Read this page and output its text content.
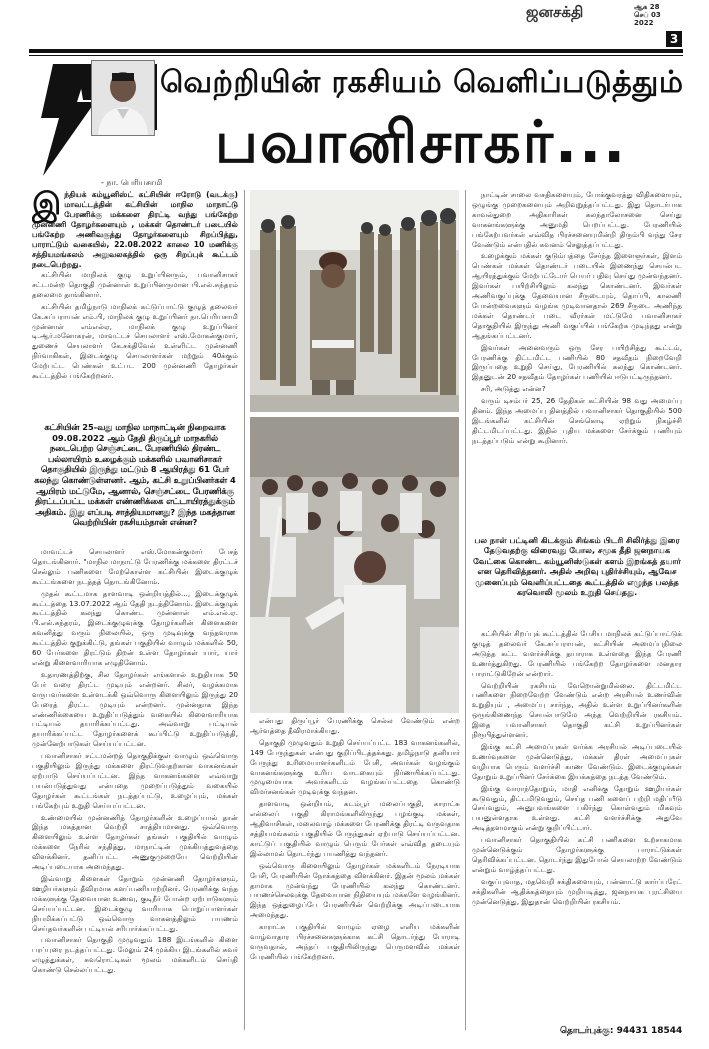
ஜனசக்தி	ஆக 28
செப் 03
2022
3
- நா. பெரியசாமி
வெற்றியின் ரகசியம் வெளிப்படுத்தும்
பவானிசாகர்...
இ ந்தியக் கம்யூனிஸ்ட் கட்சியின் ஈரோடு (வடக்கு) மாவட்டத்தின் கட்சியின் மாநில மாநாட்டு பேரணிக்கு மக்களை திரட்டி வந்து பங்கேற்ற முன்னணி தோழர்களையும் , மக்கள் தொண்டர் படையில் பங்கேற்ற அணிவகுத்து தோழர்களையும் சிறப்பித்து, பாராட்டும் வகையில், 22.08.2022 காலை 10 மணிக்கு சத்தியமங்கலம் அலுவலகத்தில் ஒரு சிறப்புக் கூட்டம் நடைபெற்றது.

கட்சியின் மாநிலக் குழு உறுப்பினரும், பவானிசாகர் சட்டமன்ற தொகுதி முன்னாள் உறுப்பினருமான பி.எல்.சுந்தரம் தலைமை தாங்கினார்.

கட்சியின் தமிழ்நாடு மாநிலக் கட்டுப்பாட்டு குழுத் தலைவர் கே.சுப்பராயன் எம்.பி, மாநிலக் குழு உறுப்பினர் நா.பெரியசாமி முன்னாள் எம்எல்ஏ, மாநிலக் குழு உறுப்பினர் டி.ஆர்.மனோகரன், மாவட்டச் செயலாளர் எஸ்.மோகன்குமார், துணைச் செயலாளர் கே.சக்திவேல் உள்ளிட்ட முன்னணி நிர்வாகிகள், இடைக்குழு செயலாளர்கள் மற்றும் 40க்கும் மேற்பட்ட பெண்கள் உட்பட 200 முன்னணி தோழர்கள் கூட்டத்தில் பங்கேற்றனர்.

கட்சியின் 25-வது மாநில மாநாட்டின் நிறைவாக 09.08.2022 ஆம் தேதி திருப்பூர் மாநகரில் நடைபெற்ற செஞ்சட்டை பேரணியில் திரண்ட பல்லாயிரம் உழைக்கும் மக்களில் பவானிசாகர் தொகுதியில் இருந்து மட்டும் 8 ஆயிரத்து 61 பேர் கலந்து கொண்டுள்ளனர். ஆம், கட்சி உறுப்பினர்கள் 4 ஆயிரம் மட்டுமே, ஆனால், செஞ்சட்டை பேரணிக்கு திரட்டப்பட்ட மக்கள் எண்ணிக்கை எட்டாயிரத்துக்கும் அதிகம். இது எப்படி சாத்தியமானது? இந்த மகத்தான வெற்றியின் ரகசியம்தான் என்ன?

மாவட்டச் செயலாளர் எஸ்.மோகன்குமார் பேசத் தொடங்கினார். "மாநில மாநாட்டு பேரணிக்கு மக்களை திரட்டச் செல்லும் பணிகளை மேற்கொள்ள கட்சியின் இடைக்குழுக் கூட்டங்களை நடத்தத் தொடங்கினோம்.

முதல் கூட்டமாக தாளவாடி ஒன்றியத்தில்..., இடைக்குழுக் கூட்டத்தை 13.07.2022 ஆம் தேதி நடத்தினோம். இடைக்குழுக் கூட்டத்தில் கலந்து கொண்ட முன்னாள் எம்.எல்.ஏ. பி.எல்.சுந்தரம், இடைக்குழுவுக்கு தோழர்களின் கிளைகளை கவனித்து வரும் நிலையில், ஒரு முடிவுக்கு வந்தவராக கூட்டத்தில் குறுக்கிட்டு, தங்கள் பகுதியில் வாழும் மக்களில் 50, 60 பேர்களை திரட்டும் திறன் உள்ள தோழர்கள் யார், யார் என்று கிளைவாரியாக எழுதினோம்.

உதாரணத்திற்கு, சில தோழர்கள் எங்களால் உறுதியாக 50 பேர் வரை திரட்ட முடியும் என்றனர். சிலர், வழக்கமாக வருபவர்களை உள்ளடக்கி ஒவ்வொரு கிளையிலும் இருந்து 20 பேரைத் திரட்ட முடியும் என்றனர். முன்னதாக இந்த எண்ணிக்கையை உறுதிப்படுத்தும் வகையில் கிளைவாரியாக பட்டியல் தயாரிக்கப்பட்டது. அவ்வாறு பட்டியல் தயாரிக்கப்பட்ட தோழர்களைக் கூப்பிட்டு உறுதிப்படுத்தி, முன்னேற்பாடுகள் செய்யப்பட்டன.

பவானிசாகர் சட்டமன்றத் தொகுதிக்குள் வாழும் ஒவ்வொரு பகுதியிலும் இருந்து மக்களை திரட்டுவதற்கான வாகனங்கள் ஏற்பாடு செய்யப்பட்டன. இந்த வாகனங்களை எவ்வாறு பயன்படுத்துவது என்பதை முறைப்படுத்தும் வகையில் தோழர்கள் கூட்டங்கள் நடத்தப்பட்டு, உழைப்பும், மக்கள் பங்கேற்பும் உறுதி செய்யப்பட்டன.

உண்மையில் முன்னணித் தோழர்களின் உழைப்பால் தான் இந்த மகத்தான வெற்றி சாத்தியமானது. ஒவ்வொரு கிளையிலும் உள்ள தோழர்கள் தங்கள் பகுதியில் வாழும் மக்களை நேரில் சந்தித்து, மாநாட்டின் முக்கியத்துவத்தை விளக்கினர். தனிப்பட்ட அணுகுமுறையே வெற்றியின் அடிப்படையாக அமைந்தது.

இவ்வாறு கிளைகள் தோறும் முன்னணி தோழர்களும், ஊழியர்களும் தீவிரமாக களப்பணியாற்றினர். பேரணிக்கு வந்த மக்களுக்கு தேவையான உணவு, குடிநீர் போன்ற ஏற்பாடுகளும் செய்யப்பட்டன. இடைக்குழு வாரியாக பொறுப்பாளர்கள் நியமிக்கப்பட்டு ஒவ்வொரு வாகனத்திலும் பயணம் செய்தவர்களின் பட்டியல் சரிபார்க்கப்பட்டது.

பவானிசாகர் தொகுதி முழுவதும் 188 இடங்களில் கிளை பரப்புரை நடத்தப்பட்டது. மேலும் 24 முக்கிய இடங்களில் சுவர் எழுத்துக்கள், சுவரொட்டிகள் மூலம் மக்களிடம் செய்தி கொண்டு செல்லப்பட்டது.

என்பது திருப்பூர் பேரணிக்கு செல்ல வேண்டும் என்ற ஆர்வத்தை தீவிரமாக்கியது.

தொகுதி முழுவதும் உறுதி செய்யப்பட்ட 183 வாகனங்களில், 149 பேருந்துகள் என்பது குறிப்பிடத்தக்கது. தமிழ்நாடு தனியார் பேருந்து உரிமையாளர்களிடம் பேசி, அவர்கள் வழங்கும் வாகனங்களுக்கு உரிய வாடகையும் நிர்ணயிக்கப்பட்டது. முழுமையாக அவர்களிடம் வழங்கப்பட்டதை கொண்டு விமர்சனங்கள் முடிவுக்கு வந்தன.

தாளவாடி ஒன்றியம், கடம்பூர் மலைப்பகுதி, காராட்சு எல்லைப் பகுதி கிராமங்களிலிருந்து பழங்குடி மக்கள், ஆதிவாசிகள், மலைவாழ் மக்களை பேரணிக்கு திரட்டி வருவதாக சத்தியமங்கலம் பகுதியில் பேருந்துகள் ஏற்பாடு செய்யப்பட்டன. காட்டுப் பகுதியில் வாழும் பெரும் பேர்கள் எவ்வித தடையும் இல்லாமல் தொடர்ந்து பயணித்து வந்தனர்.

ஒவ்வொரு கிளையிலும் தோழர்கள் மக்களிடம் நேரடியாக பேசி, பேரணியின் நோக்கத்தை விளக்கினர். இதன் மூலம் மக்கள் தாமாக முன்வந்து பேரணியில் கலந்து கொண்டனர். பயணச்செலவுக்கு தேவையான நிதியையும் மக்களே வழங்கினர். இந்த ஒத்துழைப்பே பேரணியின் வெற்றிக்கு அடிப்படையாக அமைந்தது.

காராட்சு பகுதியில் வாழும் ஏழை எளிய மக்களின் வாழ்வாதார பிரச்சனைகளுக்காக கட்சி தொடர்ந்து போராடி வருவதால், அந்தப் பகுதியிலிருந்து பெருமளவில் மக்கள் பேரணியில் பங்கேற்றனர்.

நாட்டின் சாலை வசதிகளையும், போக்குவரத்து விதிகளையும், ஒழுங்கு முறைகளையும் அறிவுறுத்தப்பட்டது. இது தொடர்பாக காவல்துறை அதிகாரிகள் கலந்தாலோசனை செய்து வாகனங்களுக்கு அனுமதி பெறப்பட்டது. பேரணியில் பங்கேற்பவர்கள் எவ்வித பிரச்சனையுமின்றி திரும்பி வந்து சேர வேண்டும் என்பதில் கவனம் செலுத்தப்பட்டது.

உழைக்கும் மக்கள் குடும்பத்தை சேர்ந்த இளைஞர்கள், இளம் பெண்கள் மக்கள் தொண்டர் படையில் இணைந்து செயல்பட ஆயிரத்துக்கும் மேற்பட்டோர் பெயர் பதிவு செய்து முன்வந்தனர். இவர்கள் பயிற்சியிலும் கலந்து கொண்டனர். இவர்கள் அணிவகுப்புக்கு தேவையான சீருடையும், தொப்பி, காலணி போன்றவைகளும் வழங்க முடிவானதால் 269 சீருடை அணிந்த மக்கள் தொண்டர் படை வீரர்கள் மட்டுமே பவானிசாகர் தொகுதியில் இருந்து அணி வகுப்பில் பங்கேற்க முடிந்தது என்று ஆதங்கப்பட்டனர்.

இவர்கள் அனைவரும் ஒரு சேர பயிற்சித்து கூட்டம், பேரணிக்கு திட்டமிட்ட பணியில் 80 சதவீதம் நிறைவேறி இருப்பதை உறுதி செய்து, பேரணியில் கலந்து கொண்டனர். இதனுடன் 20 சதவீதம் தோழர்கள் பணியில் ஈடுபட்டிருந்தனர்.

சரி, அடுத்து என்ன?

வரும் டிசம்பர் 25, 26 தேதிகள் கட்சியின் 98 வது அமைப்பு தினம். இந்த அமைப்பு தினத்தில் பவானிசாகர் தொகுதியில் 500 இடங்களில் கட்சியின் செங்கொடி ஏற்றும் நிகழ்ச்சி திட்டமிடப்பட்டது. இதில் புதிய மக்களை சேர்க்கும் பணியும் நடத்தப்படும் என்று கூறினார்.

பல நாள் பட்டினி கிடக்கும் சிங்கம் பிடரி சிலிர்த்து இரை தேடுவதற்கு விரைவது போல, சமூக தீதி ஜனநாயக வேட்கை கொண்ட கம்யூனிஸ்டுகள் களம் இறங்கத் தயார் என தெரிவித்தனர். அதில் அறிவு புதிர்ச்சியும், ஆவேச முனைப்பும் வெளிப்பட்டதை கூட்டத்தில் எழுந்த பலத்த கரவொலி மூலம் உறுதி செய்தது.

கட்சியின் சிறப்புக் கூட்டத்தில் பேசிய மாநிலக் கட்டுப்பாட்டுக் குழுத் தலைவர் கே.சுப்பராயன், கட்சியின் அமைப்புநிலை அடுத்த கட்ட வளர்ச்சிக்கு தயாராக உள்ளதை இந்த பேரணி உணர்த்துகிறது. பேரணியில் பங்கேற்ற தோழர்களை மனதார பாராட்டுகிறேன் என்றார்.

வெற்றியின் ரகசியம் வேறொன்றுமில்லை. திட்டமிட்ட பணிகளை நிறைவேற்ற வேண்டும் என்ற அரசியல் உணர்வின் உறுதியும் , அமைப்பு சார்ந்த, அதில் உள்ள உறுப்பினர்களின் ஒருங்கிணைந்த செயல்பாடுமே அந்த வெற்றியின் ரகசியம். இதை பவானிசாகர் தொகுதி கட்சி உறுப்பினர்கள் நிரூபித்துள்ளனர்.

இங்கு கட்சி அமைப்புகள் வர்க்க அரசியல் அடிப்படையில் உணர்வுகளை முன்னெடுத்து, மக்கள் திரள் அமைப்புகள் வழியாக பெரும் வளர்ச்சி காண வேண்டும். இடைக்குழுக்கள் தோறும் உறுப்பினர் சேர்க்கை இயக்கத்தை நடத்த வேண்டும்.

இங்கு வாராந்தோறும், மாதி எனிக்கு தோறும் ஊழியர்கள் கூடுவதும், திட்டமிடுவதும், செய்த பணி களைப் பற்றி மதிப்பீடு செய்வதும், அனுபவங்களை பகிர்ந்து கொள்வதும் மிகவும் பயனுள்ளதாக உள்ளது. கட்சி வளர்ச்சிக்கு அதுவே அடித்தளமாகும் என்று குறிப்பிட்டார்.

பவானிசாகர் தொகுதியில் கட்சி பணிகளை உற்சாகமாக முன்னெடுக்கும் தோழர்களுக்கு பாராட்டுக்கள் தெரிவிக்கப்பட்டன. தொடர்ந்து இதுபோல் செயலாற்ற வேண்டும் என்றும் வாழ்த்தப்பட்டது.

வகுப்புவாத, மதவெறி சக்திகளையும், பன்னாட்டு கார்ப்பரேட் சக்திகளின் ஆதிக்கத்தையும் முறியடித்து, ஜனநாயக புரட்சியை முன்னெடுத்து, இதுதான் வெற்றியின் ரகசியம்.

தொடர்புக்கு: 94431 18544
